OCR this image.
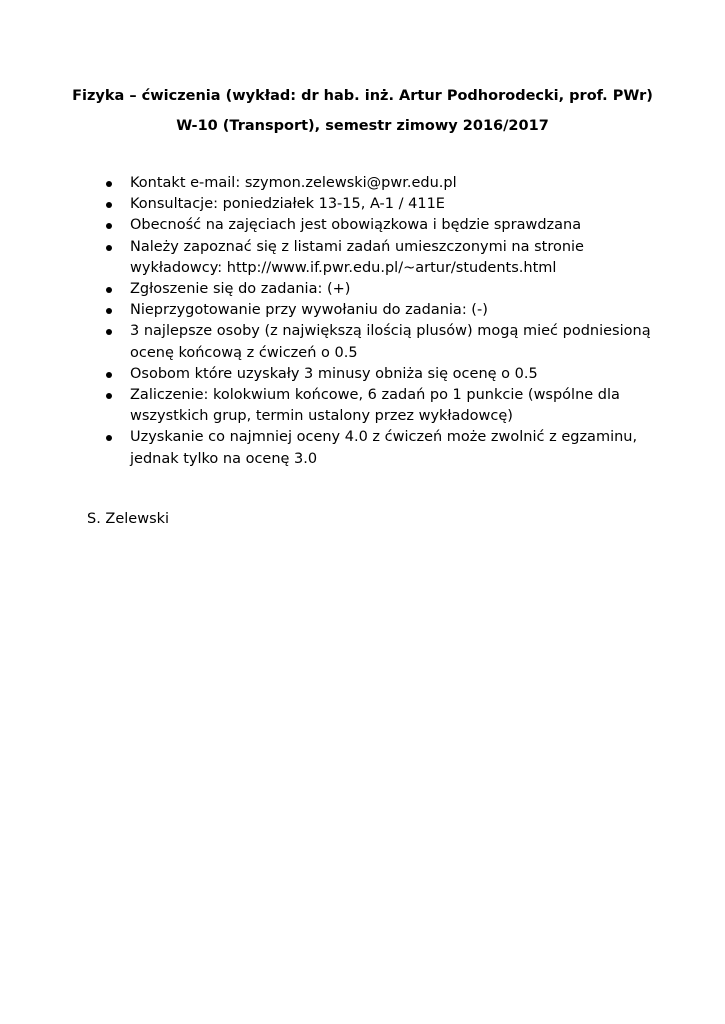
Fizyka – ćwiczenia (wykład: dr hab. inż. Artur Podhorodecki, prof. PWr)
W-10 (Transport), semestr zimowy 2016/2017
Kontakt e-mail: szymon.zelewski@pwr.edu.pl
Konsultacje: poniedziałek 13-15, A-1 / 411E
Obecność na zajęciach jest obowiązkowa i będzie sprawdzana
Należy zapoznać się z listami zadań umieszczonymi na stronie wykładowcy: http://www.if.pwr.edu.pl/~artur/students.html
Zgłoszenie się do zadania: (+)
Nieprzygotowanie przy wywołaniu do zadania: (-)
3 najlepsze osoby (z największą ilością plusów) mogą mieć podniesioną ocenę końcową z ćwiczeń o 0.5
Osobom które uzyskały 3 minusy obniża się ocenę o 0.5
Zaliczenie: kolokwium końcowe, 6 zadań po 1 punkcie (wspólne dla wszystkich grup, termin ustalony przez wykładowcę)
Uzyskanie co najmniej oceny 4.0 z ćwiczeń może zwolnić z egzaminu, jednak tylko na ocenę 3.0
S. Zelewski
